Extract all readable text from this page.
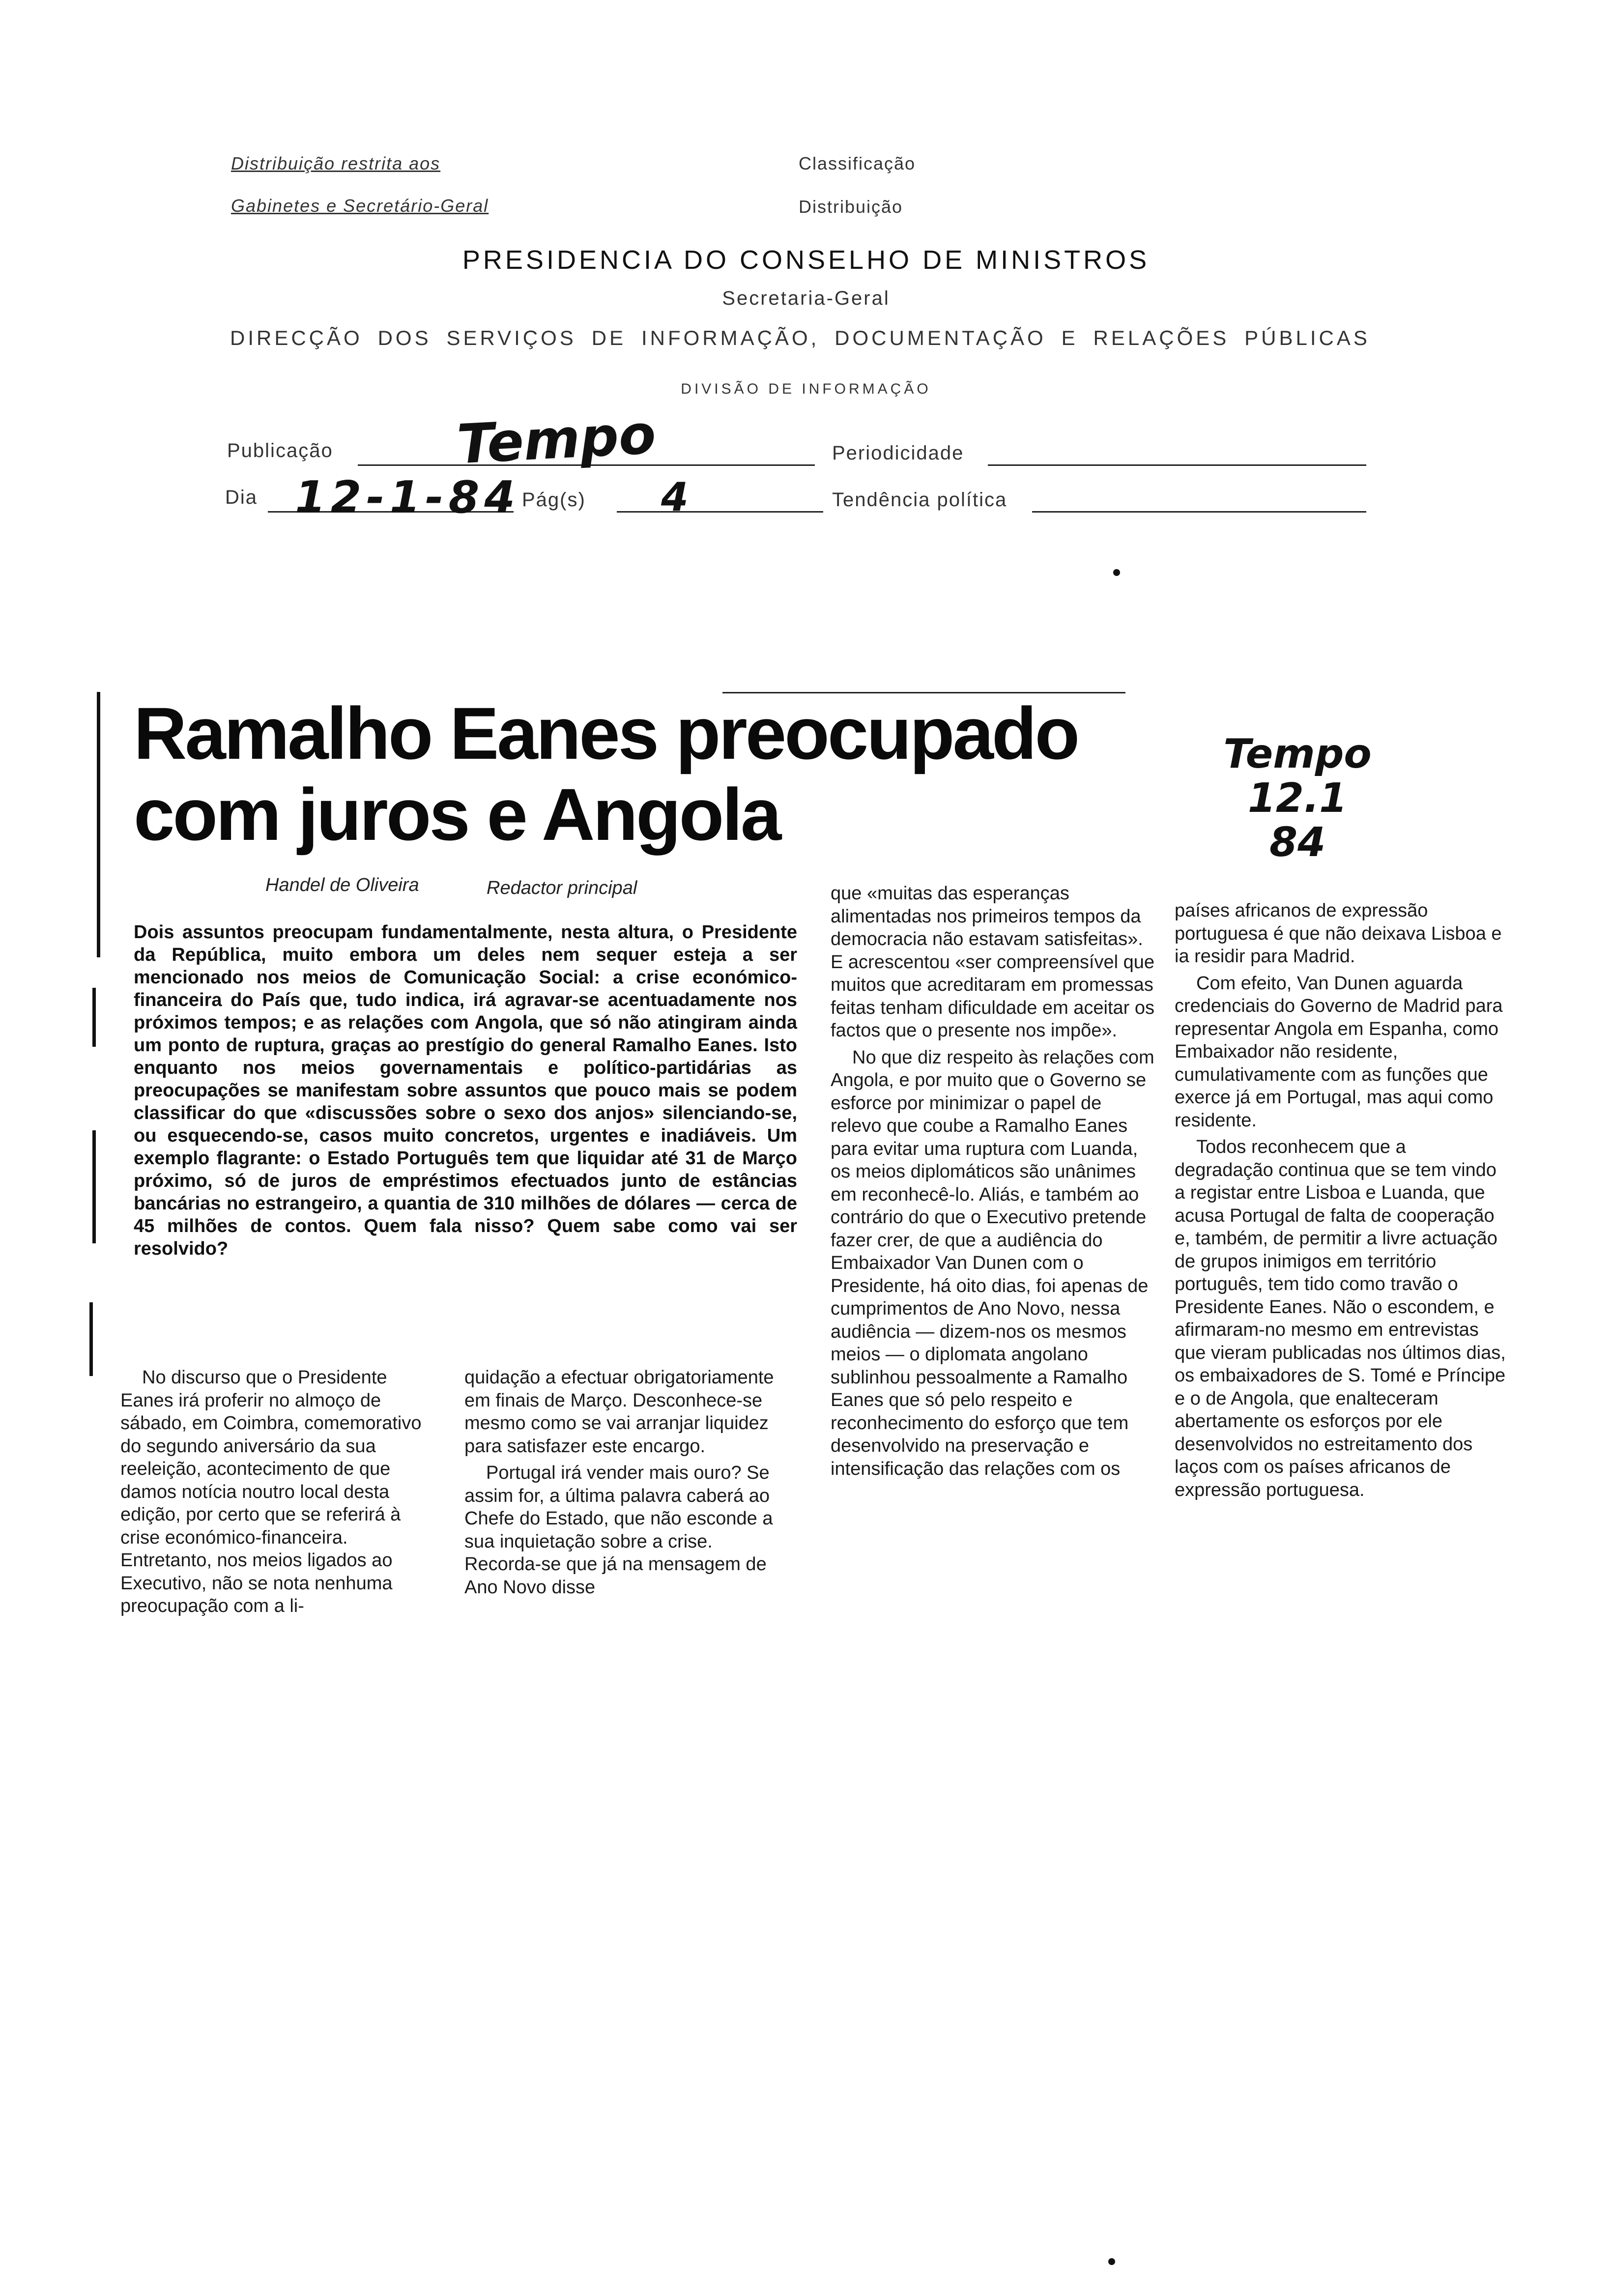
Distribuição restrita aos
Gabinetes e Secretário-Geral
Classificação
Distribuição
PRESIDENCIA DO CONSELHO DE MINISTROS
Secretaria-Geral
DIRECÇÃO DOS SERVIÇOS DE INFORMAÇÃO, DOCUMENTAÇÃO E RELAÇÕES PÚBLICAS
DIVISÃO DE INFORMAÇÃO
Publicação Tempo	Periodicidade
Dia 12-1-84 Pág(s) 4	Tendência política
Ramalho Eanes preocupado
com juros e Angola
Tempo
12.1
84
Handel de Oliveira	Redactor principal
Dois assuntos preocupam fundamentalmente, nesta altura, o Presidente da República, muito embora um deles nem sequer esteja a ser mencionado nos meios de Comunicação Social: a crise económico-financeira do País que, tudo indica, irá agravar-se acentuadamente nos próximos tempos; e as relações com Angola, que só não atingiram ainda um ponto de ruptura, graças ao prestígio do general Ramalho Eanes. Isto enquanto nos meios governamentais e político-partidárias as preocupações se manifestam sobre assuntos que pouco mais se podem classificar do que «discussões sobre o sexo dos anjos» silenciando-se, ou esquecendo-se, casos muito concretos, urgentes e inadiáveis. Um exemplo flagrante: o Estado Português tem que liquidar até 31 de Março próximo, só de juros de empréstimos efectuados junto de estâncias bancárias no estrangeiro, a quantia de 310 milhões de dólares — cerca de 45 milhões de contos. Quem fala nisso? Quem sabe como vai ser resolvido?

No discurso que o Presidente Eanes irá proferir no almoço de sábado, em Coimbra, comemorativo do segundo aniversário da sua reeleição, acontecimento de que damos notícia noutro local desta edição, por certo que se referirá à crise económico-financeira. Entretanto, nos meios ligados ao Executivo, não se nota nenhuma preocupação com a li-

quidação a efectuar obrigatoriamente em finais de Março. Desconhece-se mesmo como se vai arranjar liquidez para satisfazer este encargo.

Portugal irá vender mais ouro? Se assim for, a última palavra caberá ao Chefe do Estado, que não esconde a sua inquietação sobre a crise. Recorda-se que já na mensagem de Ano Novo disse

que «muitas das esperanças alimentadas nos primeiros tempos da democracia não estavam satisfeitas». E acrescentou «ser compreensível que muitos que acreditaram em promessas feitas tenham dificuldade em aceitar os factos que o presente nos impõe».

No que diz respeito às relações com Angola, e por muito que o Governo se esforce por minimizar o papel de relevo que coube a Ramalho Eanes para evitar uma ruptura com Luanda, os meios diplomáticos são unânimes em reconhecê-lo. Aliás, e também ao contrário do que o Executivo pretende fazer crer, de que a audiência do Embaixador Van Dunen com o Presidente, há oito dias, foi apenas de cumprimentos de Ano Novo, nessa audiência — dizem-nos os mesmos meios — o diplomata angolano sublinhou pessoalmente a Ramalho Eanes que só pelo respeito e reconhecimento do esforço que tem desenvolvido na preservação e intensificação das relações com os

países africanos de expressão portuguesa é que não deixava Lisboa e ia residir para Madrid.

Com efeito, Van Dunen aguarda credenciais do Governo de Madrid para representar Angola em Espanha, como Embaixador não residente, cumulativamente com as funções que exerce já em Portugal, mas aqui como residente.

Todos reconhecem que a degradação continua que se tem vindo a registar entre Lisboa e Luanda, que acusa Portugal de falta de cooperação e, também, de permitir a livre actuação de grupos inimigos em território português, tem tido como travão o Presidente Eanes. Não o escondem, e afirmaram-no mesmo em entrevistas que vieram publicadas nos últimos dias, os embaixadores de S. Tomé e Príncipe e o de Angola, que enalteceram abertamente os esforços por ele desenvolvidos no estreitamento dos laços com os países africanos de expressão portuguesa.
